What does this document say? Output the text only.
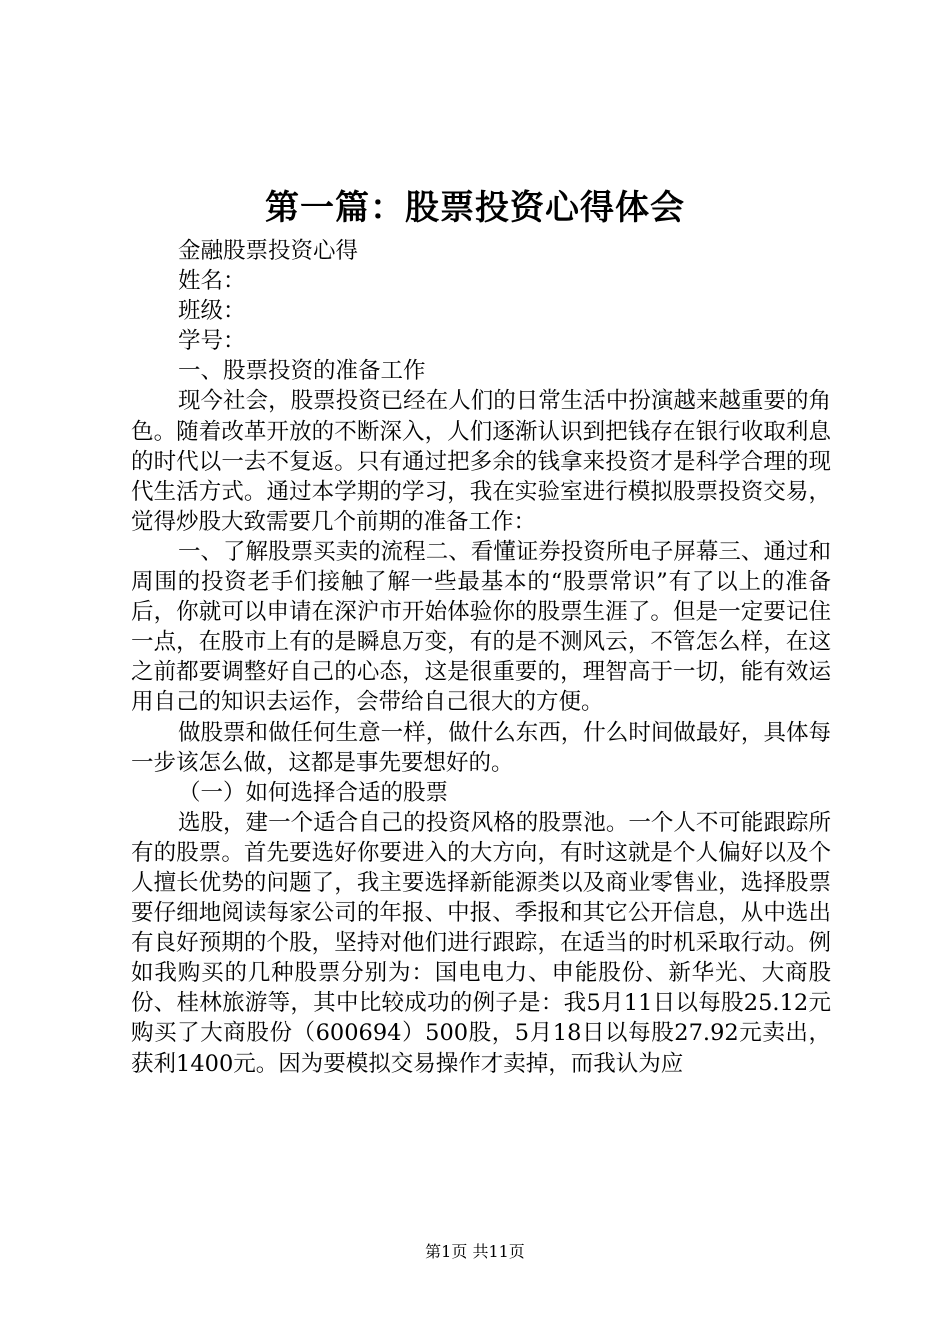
第一篇：股票投资心得体会

金融股票投资心得

姓名：

班级：

学号：

一、股票投资的准备工作

现今社会，股票投资已经在人们的日常生活中扮演越来越重要的角色。随着改革开放的不断深入，人们逐渐认识到把钱存在银行收取利息的时代以一去不复返。只有通过把多余的钱拿来投资才是科学合理的现代生活方式。通过本学期的学习，我在实验室进行模拟股票投资交易，觉得炒股大致需要几个前期的准备工作：

一、了解股票买卖的流程二、看懂证券投资所电子屏幕三、通过和周围的投资老手们接触了解一些最基本的“股票常识”有了以上的准备后，你就可以申请在深沪市开始体验你的股票生涯了。但是一定要记住一点，在股市上有的是瞬息万变，有的是不测风云，不管怎么样，在这之前都要调整好自己的心态，这是很重要的，理智高于一切，能有效运用自己的知识去运作，会带给自己很大的方便。

做股票和做任何生意一样，做什么东西，什么时间做最好，具体每一步该怎么做，这都是事先要想好的。

（一）如何选择合适的股票

选股，建一个适合自己的投资风格的股票池。一个人不可能跟踪所有的股票。首先要选好你要进入的大方向，有时这就是个人偏好以及个人擅长优势的问题了，我主要选择新能源类以及商业零售业，选择股票要仔细地阅读每家公司的年报、中报、季报和其它公开信息，从中选出有良好预期的个股，坚持对他们进行跟踪，在适当的时机采取行动。例如我购买的几种股票分别为：国电电力、申能股份、新华光、大商股份、桂林旅游等，其中比较成功的例子是：我5月11日以每股25.12元购买了大商股份（600694）500股，5月18日以每股27.92元卖出，获利1400元。因为要模拟交易操作才卖掉，而我认为应

第1页 共11页
